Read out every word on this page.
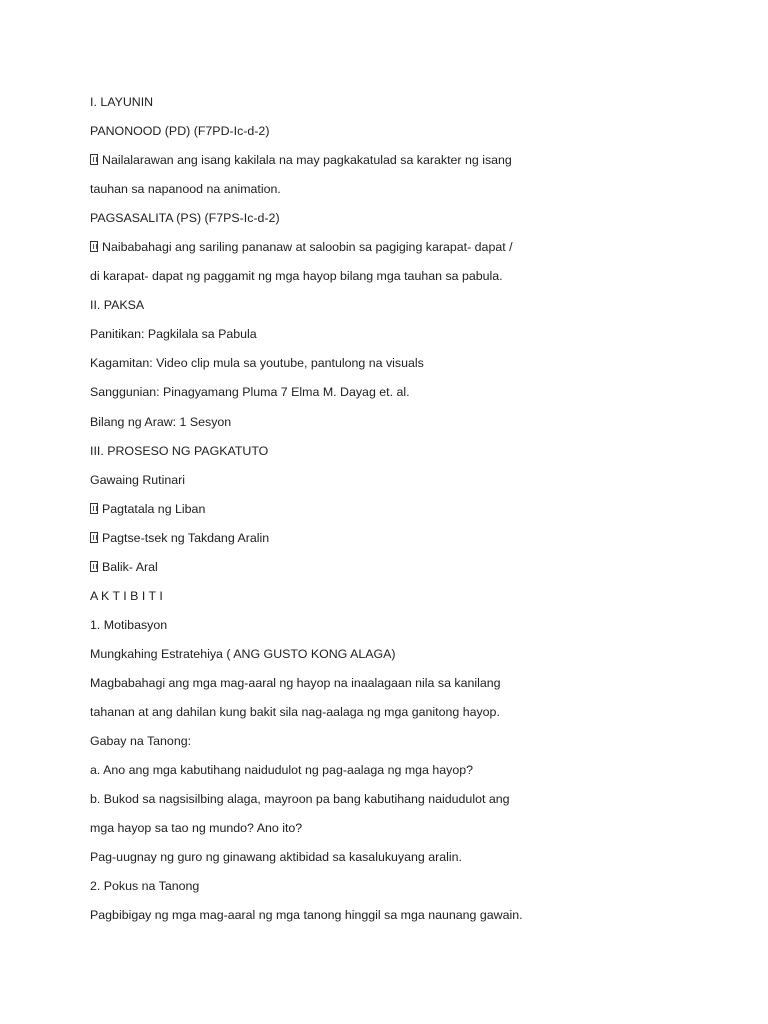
I. LAYUNIN
PANONOOD (PD) (F7PD-Ic-d-2)
Nailalarawan ang isang kakilala na may pagkakatulad sa karakter ng isang
tauhan sa napanood na animation.
PAGSASALITA (PS) (F7PS-Ic-d-2)
Naibabahagi ang sariling pananaw at saloobin sa pagiging karapat- dapat /
di karapat- dapat ng paggamit ng mga hayop bilang mga tauhan sa pabula.
II. PAKSA
Panitikan: Pagkilala sa Pabula
Kagamitan: Video clip mula sa youtube, pantulong na visuals
Sanggunian: Pinagyamang Pluma 7 Elma M. Dayag et. al.
Bilang ng Araw: 1 Sesyon
III. PROSESO NG PAGKATUTO
Gawaing Rutinari
Pagtatala ng Liban
Pagtse-tsek ng Takdang Aralin
Balik- Aral
A K T I B I T I
1. Motibasyon
Mungkahing Estratehiya ( ANG GUSTO KONG ALAGA)
Magbabahagi ang mga mag-aaral ng hayop na inaalagaan nila sa kanilang
tahanan at ang dahilan kung bakit sila nag-aalaga ng mga ganitong hayop.
Gabay na Tanong:
a. Ano ang mga kabutihang naidudulot ng pag-aalaga ng mga hayop?
b. Bukod sa nagsisilbing alaga, mayroon pa bang kabutihang naidudulot ang
mga hayop sa tao ng mundo? Ano ito?
Pag-uugnay ng guro ng ginawang aktibidad sa kasalukuyang aralin.
2. Pokus na Tanong
Pagbibigay ng mga mag-aaral ng mga tanong hinggil sa mga naunang gawain.
